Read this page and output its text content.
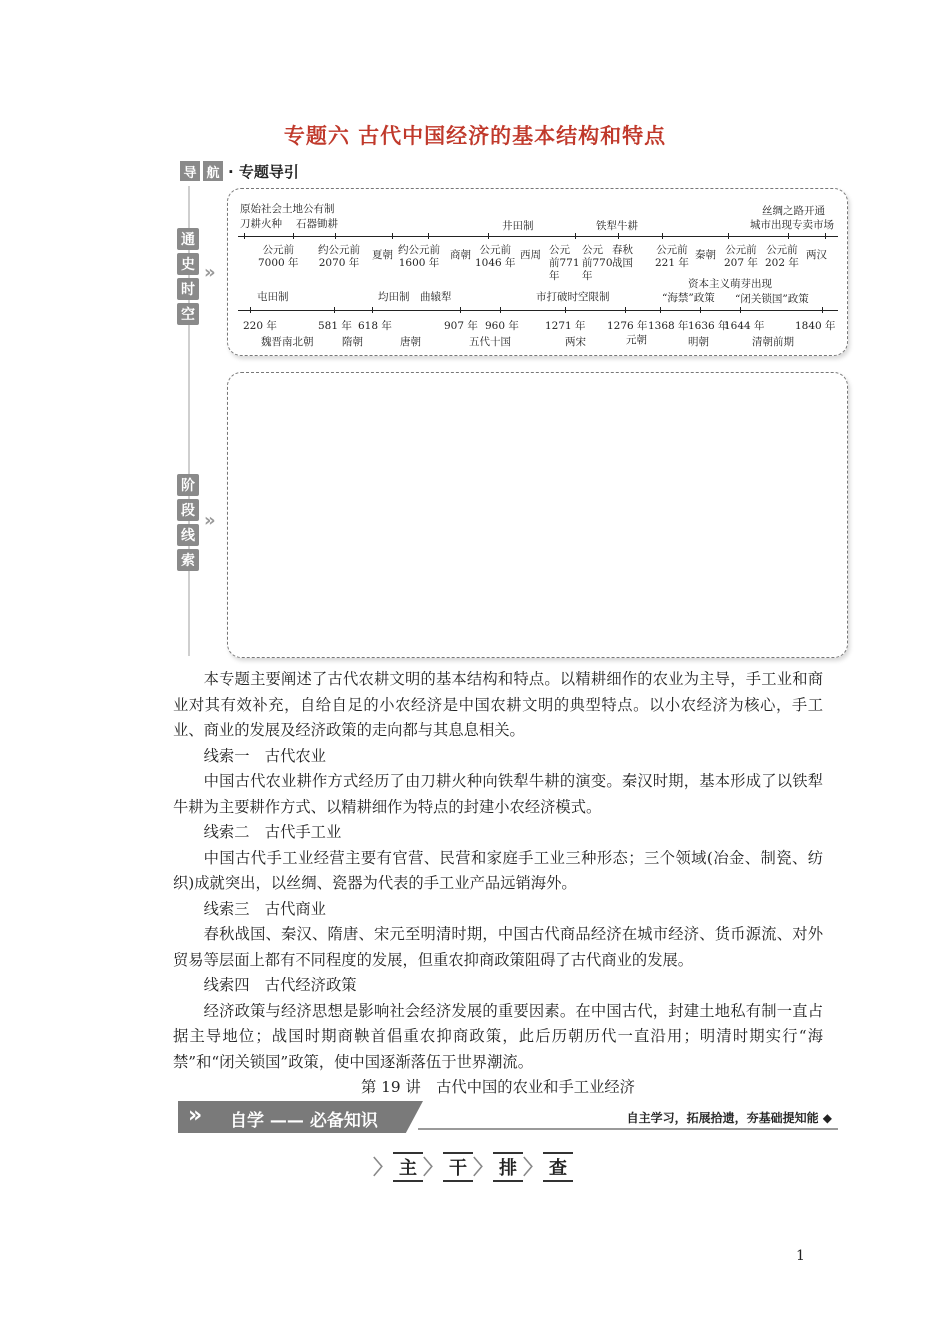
专题六 古代中国经济的基本结构和特点
导 航 · 专题导引
通
史
时
空
»
阶
段
线
索
»
原始社会土地公有制
刀耕火种 石器锄耕	井田制	铁犁牛耕
丝绸之路开通
城市出现专卖市场
公元前
7000 年
约公元前
2070 年
夏朝 约公元前
1600 年
商朝 公元前
1046 年
西周 公元
前771
年
公元
前770
年
春秋
战国
公元前
221 年
秦朝 公元前
207 年
公元前
202 年
两汉
屯田制	均田制 曲辕犁	市打破时空限制
资本主义萌芽出现
“海禁”政策 “闭关锁国”政策
220 年	581 年 618 年	907 年 960 年 1271 年 1276 年 1368 年 1636 年
1644 年	1840 年
魏晋南北朝	隋朝	唐朝	五代十国	两宋	元朝	明朝	清朝前期

本专题主要阐述了古代农耕文明的基本结构和特点。以精耕细作的农业为主导，手工业和商业对其有效补充，自给自足的小农经济是中国农耕文明的典型特点。以小农经济为核心，手工业、商业的发展及经济政策的走向都与其息息相关。

线索一　古代农业

中国古代农业耕作方式经历了由刀耕火种向铁犁牛耕的演变。秦汉时期，基本形成了以铁犁牛耕为主要耕作方式、以精耕细作为特点的封建小农经济模式。

线索二　古代手工业

中国古代手工业经营主要有官营、民营和家庭手工业三种形态；三个领域(冶金、制瓷、纺织)成就突出，以丝绸、瓷器为代表的手工业产品远销海外。

线索三　古代商业

春秋战国、秦汉、隋唐、宋元至明清时期，中国古代商品经济在城市经济、货币源流、对外贸易等层面上都有不同程度的发展，但重农抑商政策阻碍了古代商业的发展。

线索四　古代经济政策

经济政策与经济思想是影响社会经济发展的重要因素。在中国古代，封建土地私有制一直占据主导地位；战国时期商鞅首倡重农抑商政策，此后历朝历代一直沿用；明清时期实行“海禁”和“闭关锁国”政策，使中国逐渐落伍于世界潮流。

第 19 讲　古代中国的农业和手工业经济
» 自学 —— 必备知识	自主学习，拓展拾遗，夯基础提知能 ◆
〉 主 〉 干 〉 排 〉 查
1
